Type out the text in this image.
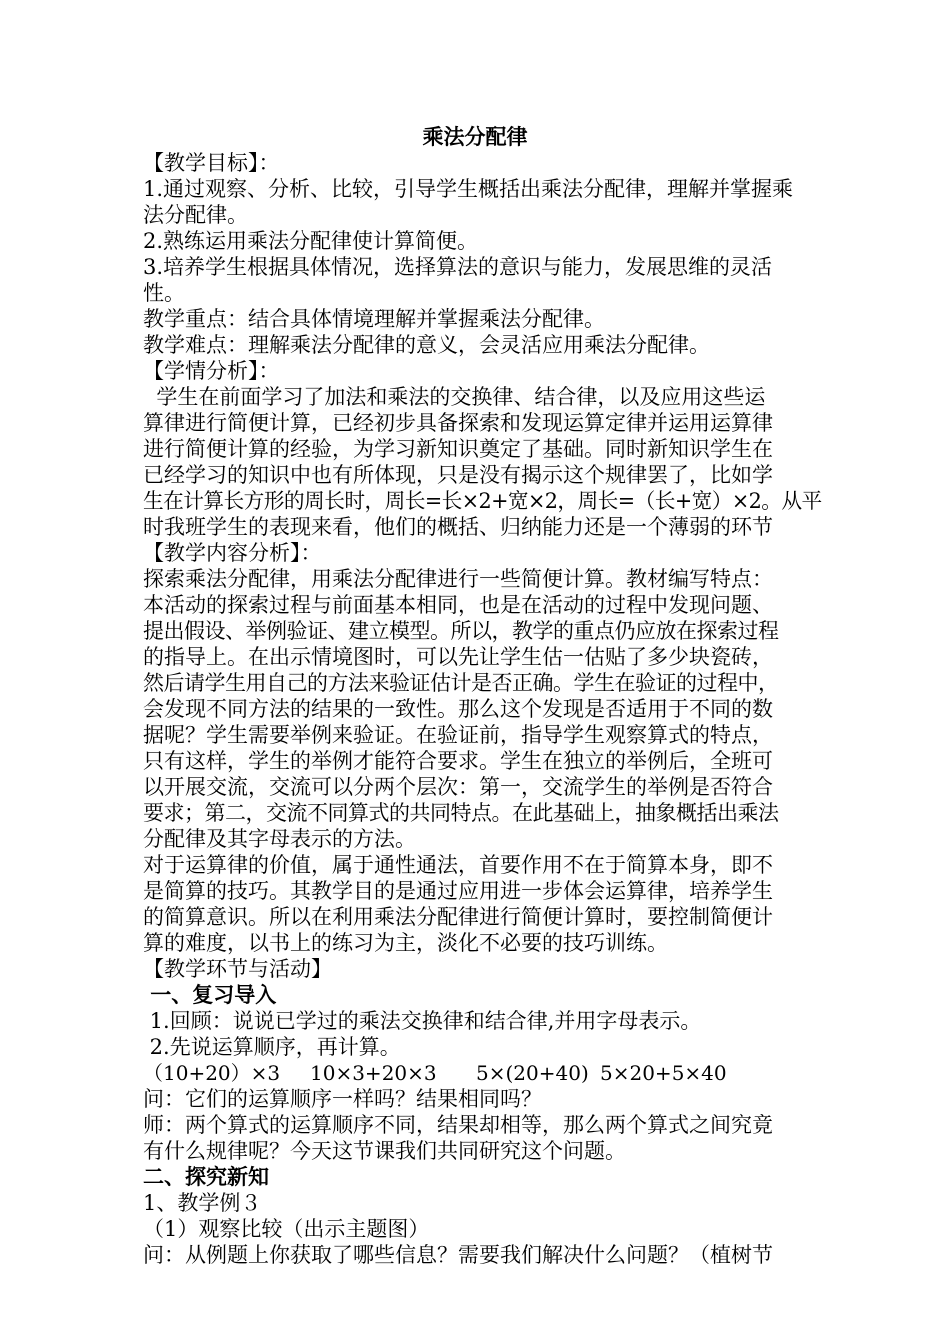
乘法分配律
【教学目标】：
1.通过观察、分析、比较，引导学生概括出乘法分配律，理解并掌握乘
法分配律。
2.熟练运用乘法分配律使计算简便。
3.培养学生根据具体情况，选择算法的意识与能力，发展思维的灵活
性。
教学重点：结合具体情境理解并掌握乘法分配律。
教学难点：理解乘法分配律的意义，会灵活应用乘法分配律。
【学情分析】：
学生在前面学习了加法和乘法的交换律、结合律，以及应用这些运
算律进行简便计算，已经初步具备探索和发现运算定律并运用运算律
进行简便计算的经验，为学习新知识奠定了基础。同时新知识学生在
已经学习的知识中也有所体现，只是没有揭示这个规律罢了，比如学
生在计算长方形的周长时，周长=长×2+宽×2，周长=（长+宽）×2。从平
时我班学生的表现来看，他们的概括、归纳能力还是一个薄弱的环节
【教学内容分析】：
探索乘法分配律，用乘法分配律进行一些简便计算。教材编写特点：
本活动的探索过程与前面基本相同，也是在活动的过程中发现问题、
提出假设、举例验证、建立模型。所以，教学的重点仍应放在探索过程
的指导上。在出示情境图时，可以先让学生估一估贴了多少块瓷砖，
然后请学生用自己的方法来验证估计是否正确。学生在验证的过程中，
会发现不同方法的结果的一致性。那么这个发现是否适用于不同的数
据呢？学生需要举例来验证。在验证前，指导学生观察算式的特点，
只有这样，学生的举例才能符合要求。学生在独立的举例后，全班可
以开展交流，交流可以分两个层次：第一，交流学生的举例是否符合
要求；第二，交流不同算式的共同特点。在此基础上，抽象概括出乘法
分配律及其字母表示的方法。
对于运算律的价值，属于通性通法，首要作用不在于简算本身，即不
是简算的技巧。其教学目的是通过应用进一步体会运算律，培养学生
的简算意识。所以在利用乘法分配律进行简便计算时，要控制简便计
算的难度，以书上的练习为主，淡化不必要的技巧训练。
【教学环节与活动】
一、复习导入
1.回顾：说说已学过的乘法交换律和结合律,并用字母表示。
2.先说运算顺序，再计算。
（10+20）×3 10×3+20×3 5×(20+40) 5×20+5×40
问：它们的运算顺序一样吗？结果相同吗？
师：两个算式的运算顺序不同，结果却相等，那么两个算式之间究竟
有什么规律呢？今天这节课我们共同研究这个问题。
二、探究新知
1、教学例３
（1）观察比较（出示主题图）
问：从例题上你获取了哪些信息？需要我们解决什么问题？（植树节
